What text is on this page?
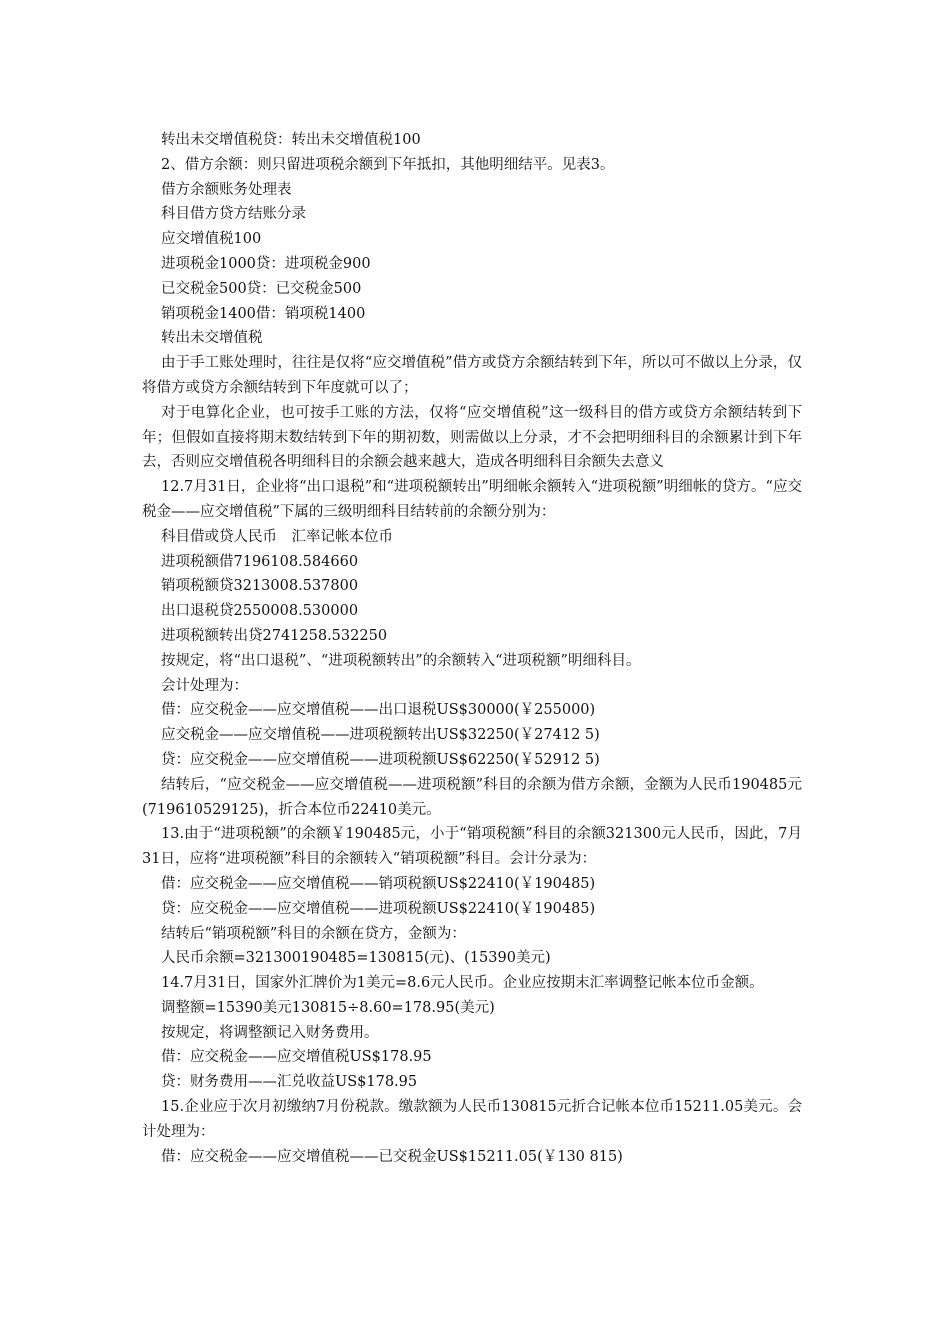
转出未交增值税贷：转出未交增值税100

2、借方余额：则只留进项税余额到下年抵扣，其他明细结平。见表3。

借方余额账务处理表

科目借方贷方结账分录

应交增值税100

进项税金1000贷：进项税金900

已交税金500贷：已交税金500

销项税金1400借：销项税1400

转出未交增值税

由于手工账处理时，往往是仅将“应交增值税”借方或贷方余额结转到下年，所以可不做以上分录，仅将借方或贷方余额结转到下年度就可以了；

对于电算化企业，也可按手工账的方法，仅将“应交增值税”这一级科目的借方或贷方余额结转到下年；但假如直接将期末数结转到下年的期初数，则需做以上分录，才不会把明细科目的余额累计到下年去，否则应交增值税各明细科目的余额会越来越大，造成各明细科目余额失去意义

12.7月31日，企业将“出口退税”和“进项税额转出”明细帐余额转入“进项税额”明细帐的贷方。“应交税金——应交增值税”下属的三级明细科目结转前的余额分别为：

科目借或贷人民币　汇率记帐本位币

进项税额借7196108.584660

销项税额贷3213008.537800

出口退税贷2550008.530000

进项税额转出贷2741258.532250

按规定，将“出口退税”、“进项税额转出”的余额转入“进项税额”明细科目。

会计处理为：

借：应交税金——应交增值税——出口退税US$30000(￥255000)

应交税金——应交增值税——进项税额转出US$32250(￥27412 5)

贷：应交税金——应交增值税——进项税额US$62250(￥52912 5)

结转后，“应交税金——应交增值税——进项税额”科目的余额为借方余额，金额为人民币190485元(719610529125)，折合本位币22410美元。

13.由于“进项税额”的余额￥190485元，小于“销项税额”科目的余额321300元人民币，因此，7月31日，应将“进项税额”科目的余额转入“销项税额”科目。会计分录为：

借：应交税金——应交增值税——销项税额US$22410(￥190485)

贷：应交税金——应交增值税——进项税额US$22410(￥190485)

结转后“销项税额”科目的余额在贷方，金额为：

人民币余额=321300190485=130815(元)、(15390美元)

14.7月31日，国家外汇牌价为1美元=8.6元人民币。企业应按期末汇率调整记帐本位币金额。

调整额=15390美元130815÷8.60=178.95(美元)

按规定，将调整额记入财务费用。

借：应交税金——应交增值税US$178.95

贷：财务费用——汇兑收益US$178.95

15.企业应于次月初缴纳7月份税款。缴款额为人民币130815元折合记帐本位币15211.05美元。会计处理为：

借：应交税金——应交增值税——已交税金US$15211.05(￥130 815)
